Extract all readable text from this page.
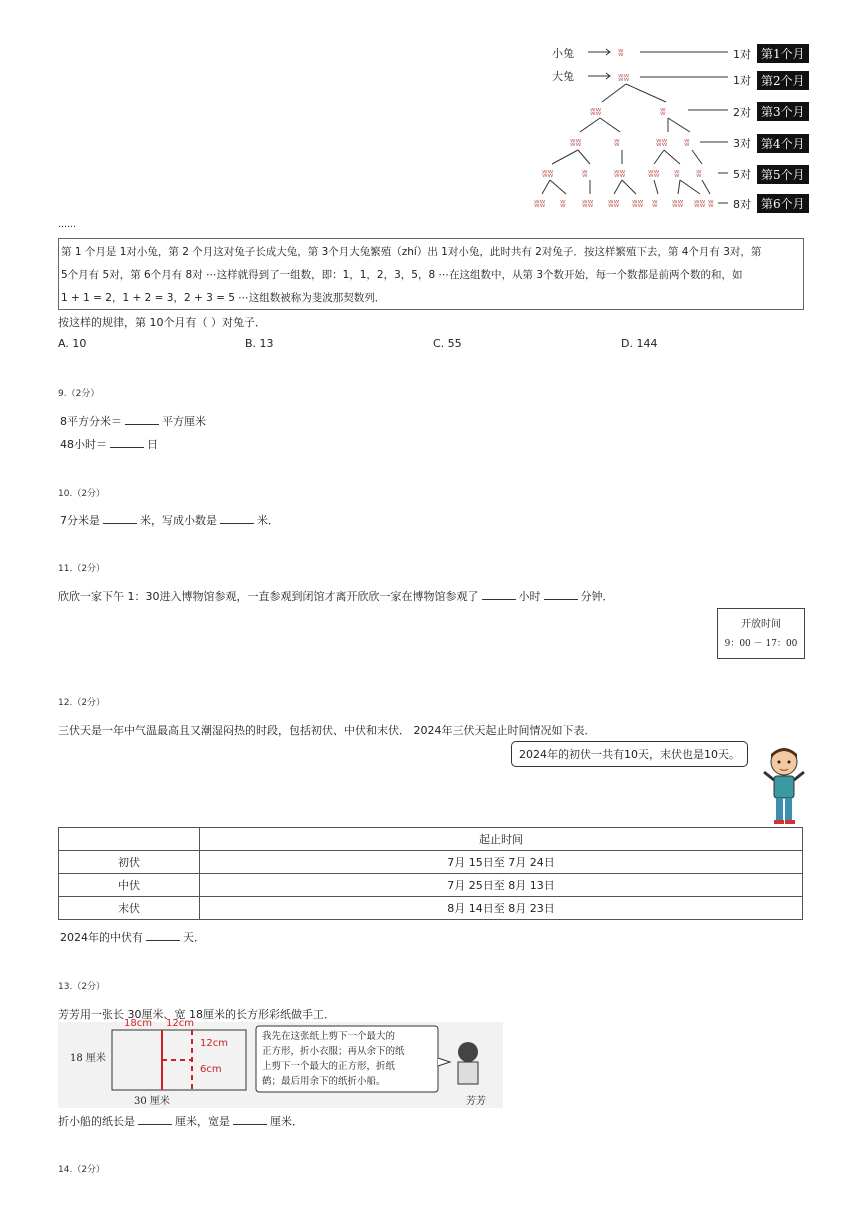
小兔
大兔
ʬ
ʬʬ
ʬʬ	ʬ
ʬʬ	ʬ	ʬʬ ʬ
ʬʬ	ʬ ʬʬ ʬʬ ʬ ʬ
ʬʬ ʬ ʬʬ ʬʬ ʬʬ ʬ ʬʬ ʬʬ ʬ
1对
1对
2对
3对
5对
8对
第1个月
第2个月
第3个月
第4个月
第5个月
第6个月
……
第 1 个月是 1对小兔，第 2 个月这对兔子长成大兔，第 3个月大兔繁殖（zhí）出 1对小兔，此时共有 2对兔子．按这样繁殖下去，第 4个月有 3对，第
5个月有 5对，第 6个月有 8对 ⋯这样就得到了一组数，即：1，1，2，3，5，8 ⋯在这组数中，从第 3个数开始，每一个数都是前两个数的和，如
1 + 1 = 2，1 + 2 = 3，2 + 3 = 5 ⋯这组数被称为斐波那契数列．
按这样的规律，第 10个月有（ ）对兔子．
A. 10	B. 13	C. 55	D. 144
9.（2分）
8平方分米＝	平方厘米
48小时＝	日
10.（2分）
7分米是	米，写成小数是	米．
11.（2分）
欣欣一家下午 1：30进入博物馆参观，一直参观到闭馆才离开欣欣一家在博物馆参观了	小时	分钟．
开放时间
9：00 － 17：00
12.（2分）
三伏天是一年中气温最高且又潮湿闷热的时段，包括初伏、中伏和末伏． 2024年三伏天起止时间情况如下表．
2024年的初伏一共有10天，末伏也是10天。
	起止时间
初伏	7月 15日至 7月 24日
中伏	7月 25日至 8月 13日
末伏	8月 14日至 8月 23日
2024年的中伏有	天．
13.（2分）
芳芳用一张长 30厘米、宽 18厘米的长方形彩纸做手工．
18 厘米
30 厘米
18cm 12cm
12cm
6cm
我先在这张纸上剪下一个最大的
正方形，折小衣服；再从余下的纸
上剪下一个最大的正方形，折纸
鹤；最后用余下的纸折小船。
芳芳
折小船的纸长是	厘米，宽是	厘米．
14.（2分）
